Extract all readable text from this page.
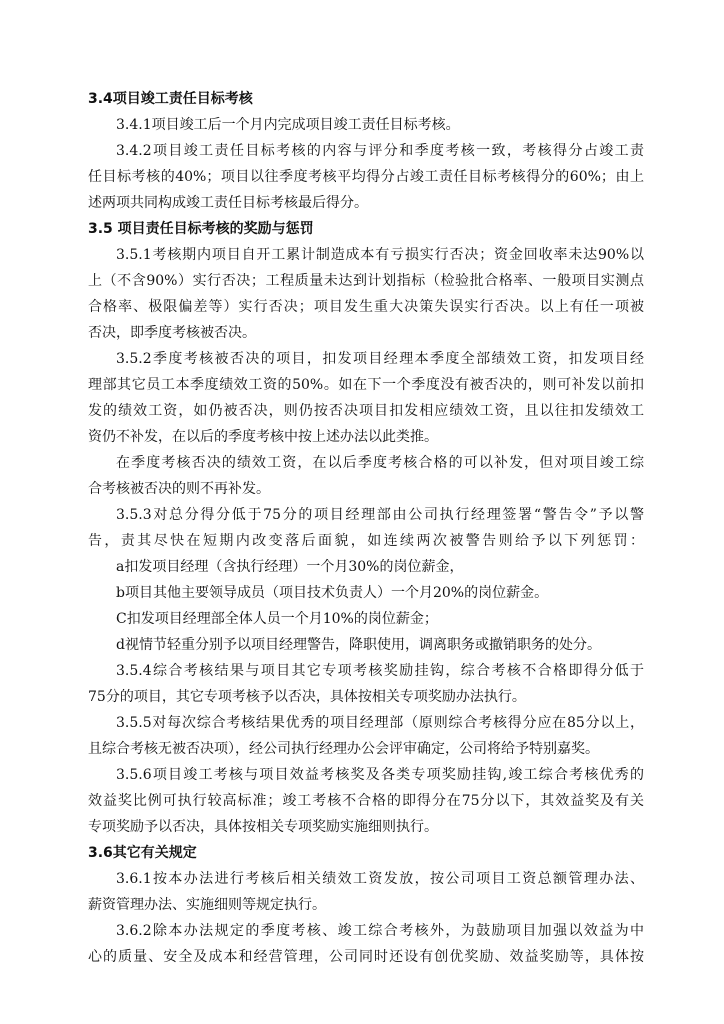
3.4项目竣工责任目标考核
3.4.1项目竣工后一个月内完成项目竣工责任目标考核。
3.4.2项目竣工责任目标考核的内容与评分和季度考核一致，考核得分占竣工责
任目标考核的40%；项目以往季度考核平均得分占竣工责任目标考核得分的60%；由上
述两项共同构成竣工责任目标考核最后得分。
3.5 项目责任目标考核的奖励与惩罚
3.5.1考核期内项目自开工累计制造成本有亏损实行否决；资金回收率未达90%以
上（不含90%）实行否决；工程质量未达到计划指标（检验批合格率、一般项目实测点
合格率、极限偏差等）实行否决；项目发生重大决策失误实行否决。以上有任一项被
否决，即季度考核被否决。
3.5.2季度考核被否决的项目，扣发项目经理本季度全部绩效工资，扣发项目经
理部其它员工本季度绩效工资的50%。如在下一个季度没有被否决的，则可补发以前扣
发的绩效工资，如仍被否决，则仍按否决项目扣发相应绩效工资，且以往扣发绩效工
资仍不补发，在以后的季度考核中按上述办法以此类推。
在季度考核否决的绩效工资，在以后季度考核合格的可以补发，但对项目竣工综
合考核被否决的则不再补发。
3.5.3对总分得分低于75分的项目经理部由公司执行经理签署“警告令”予以警
告，责其尽快在短期内改变落后面貌，如连续两次被警告则给予以下列惩罚：
a扣发项目经理（含执行经理）一个月30%的岗位薪金，
b项目其他主要领导成员（项目技术负责人）一个月20%的岗位薪金。
C扣发项目经理部全体人员一个月10%的岗位薪金；
d视情节轻重分别予以项目经理警告，降职使用，调离职务或撤销职务的处分。
3.5.4综合考核结果与项目其它专项考核奖励挂钩，综合考核不合格即得分低于
75分的项目，其它专项考核予以否决，具体按相关专项奖励办法执行。
3.5.5对每次综合考核结果优秀的项目经理部（原则综合考核得分应在85分以上，
且综合考核无被否决项），经公司执行经理办公会评审确定，公司将给予特别嘉奖。
3.5.6项目竣工考核与项目效益考核奖及各类专项奖励挂钩,竣工综合考核优秀的
效益奖比例可执行较高标准；竣工考核不合格的即得分在75分以下，其效益奖及有关
专项奖励予以否决，具体按相关专项奖励实施细则执行。
3.6其它有关规定
3.6.1按本办法进行考核后相关绩效工资发放，按公司项目工资总额管理办法、
薪资管理办法、实施细则等规定执行。
3.6.2除本办法规定的季度考核、竣工综合考核外，为鼓励项目加强以效益为中
心的质量、安全及成本和经营管理，公司同时还设有创优奖励、效益奖励等，具体按
